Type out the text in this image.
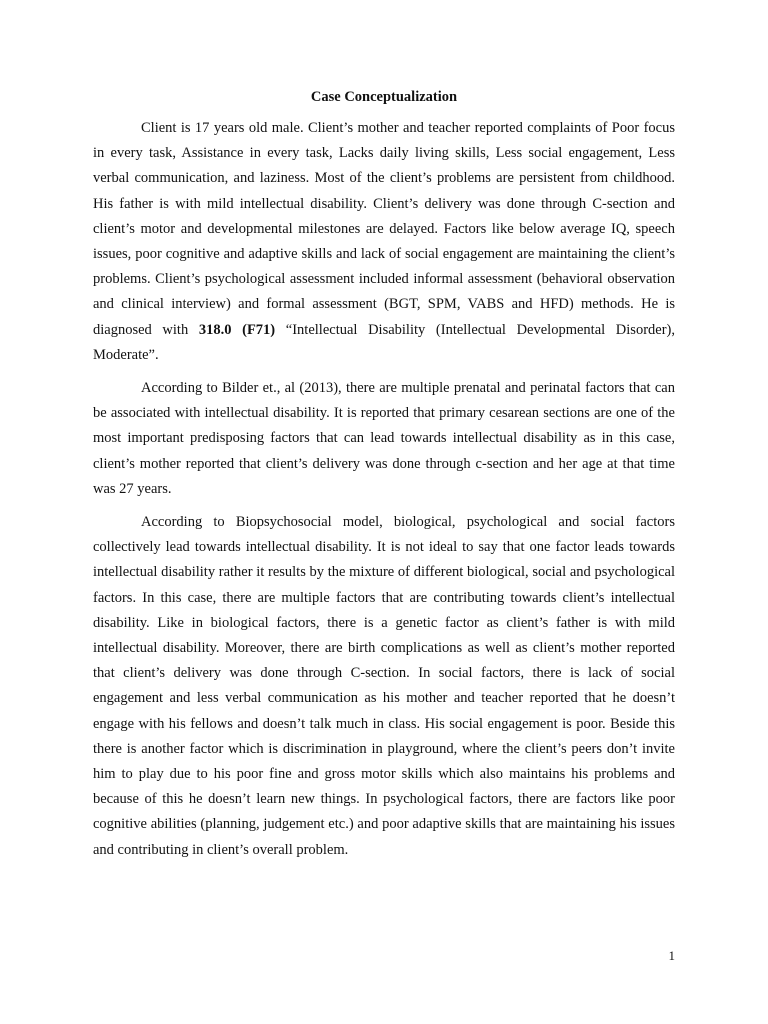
Case Conceptualization

Client is 17 years old male. Client’s mother and teacher reported complaints of Poor focus in every task, Assistance in every task, Lacks daily living skills, Less social engagement, Less verbal communication, and laziness. Most of the client’s problems are persistent from childhood. His father is with mild intellectual disability. Client’s delivery was done through C-section and client’s motor and developmental milestones are delayed. Factors like below average IQ, speech issues, poor cognitive and adaptive skills and lack of social engagement are maintaining the client’s problems. Client’s psychological assessment included informal assessment (behavioral observation and clinical interview) and formal assessment (BGT, SPM, VABS and HFD) methods. He is diagnosed with 318.0 (F71) “Intellectual Disability (Intellectual Developmental Disorder), Moderate”.

According to Bilder et., al (2013), there are multiple prenatal and perinatal factors that can be associated with intellectual disability. It is reported that primary cesarean sections are one of the most important predisposing factors that can lead towards intellectual disability as in this case, client’s mother reported that client’s delivery was done through c-section and her age at that time was 27 years.

According to Biopsychosocial model, biological, psychological and social factors collectively lead towards intellectual disability. It is not ideal to say that one factor leads towards intellectual disability rather it results by the mixture of different biological, social and psychological factors. In this case, there are multiple factors that are contributing towards client’s intellectual disability. Like in biological factors, there is a genetic factor as client’s father is with mild intellectual disability. Moreover, there are birth complications as well as client’s mother reported that client’s delivery was done through C-section. In social factors, there is lack of social engagement and less verbal communication as his mother and teacher reported that he doesn’t engage with his fellows and doesn’t talk much in class. His social engagement is poor. Beside this there is another factor which is discrimination in playground, where the client’s peers don’t invite him to play due to his poor fine and gross motor skills which also maintains his problems and because of this he doesn’t learn new things. In psychological factors, there are factors like poor cognitive abilities (planning, judgement etc.) and poor adaptive skills that are maintaining his issues and contributing in client’s overall problem.

1
